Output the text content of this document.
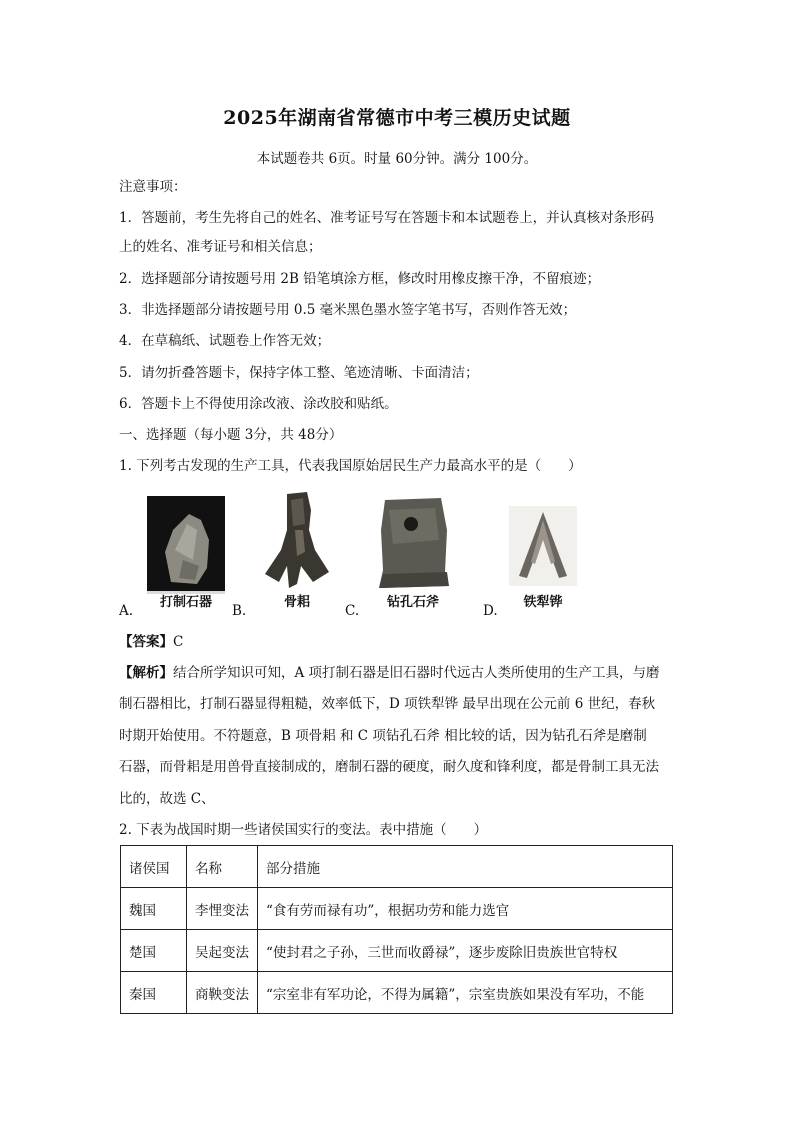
2025年湖南省常德市中考三模历史试题
本试题卷共 6页。时量 60分钟。满分 100分。
注意事项：
1．答题前，考生先将自己的姓名、准考证号写在答题卡和本试题卷上，并认真核对条形码
上的姓名、准考证号和相关信息；
2．选择题部分请按题号用 2B 铅笔填涂方框，修改时用橡皮擦干净，不留痕迹；
3．非选择题部分请按题号用 0.5 毫米黑色墨水签字笔书写，否则作答无效；
4．在草稿纸、试题卷上作答无效；
5．请勿折叠答题卡，保持字体工整、笔迹清晰、卡面清洁；
6．答题卡上不得使用涂改液、涂改胶和贴纸。
一、选择题（每小题 3分，共 48分）
1. 下列考古发现的生产工具，代表我国原始居民生产力最高水平的是（　　）
A.
打制石器
B.
骨耜
C.
钻孔石斧
D.
铁犁铧
【答案】C
【解析】结合所学知识可知，A 项打制石器是旧石器时代远古人类所使用的生产工具，与磨
制石器相比，打制石器显得粗糙，效率低下，D 项铁犁铧 最早出现在公元前 6 世纪，春秋
时期开始使用。不符题意，B 项骨耜 和 C 项钻孔石斧 相比较的话，因为钻孔石斧是磨制
石器，而骨耜是用兽骨直接制成的，磨制石器的硬度，耐久度和锋利度，都是骨制工具无法
比的，故选 C、
2. 下表为战国时期一些诸侯国实行的变法。表中措施（　　）
诸侯国	名称	部分措施
魏国	李悝变法	“食有劳而禄有功”，根据功劳和能力选官
楚国	吴起变法	“使封君之子孙，三世而收爵禄”，逐步废除旧贵族世官特权
秦国	商鞅变法	“宗室非有军功论，不得为属籍”，宗室贵族如果没有军功，不能
